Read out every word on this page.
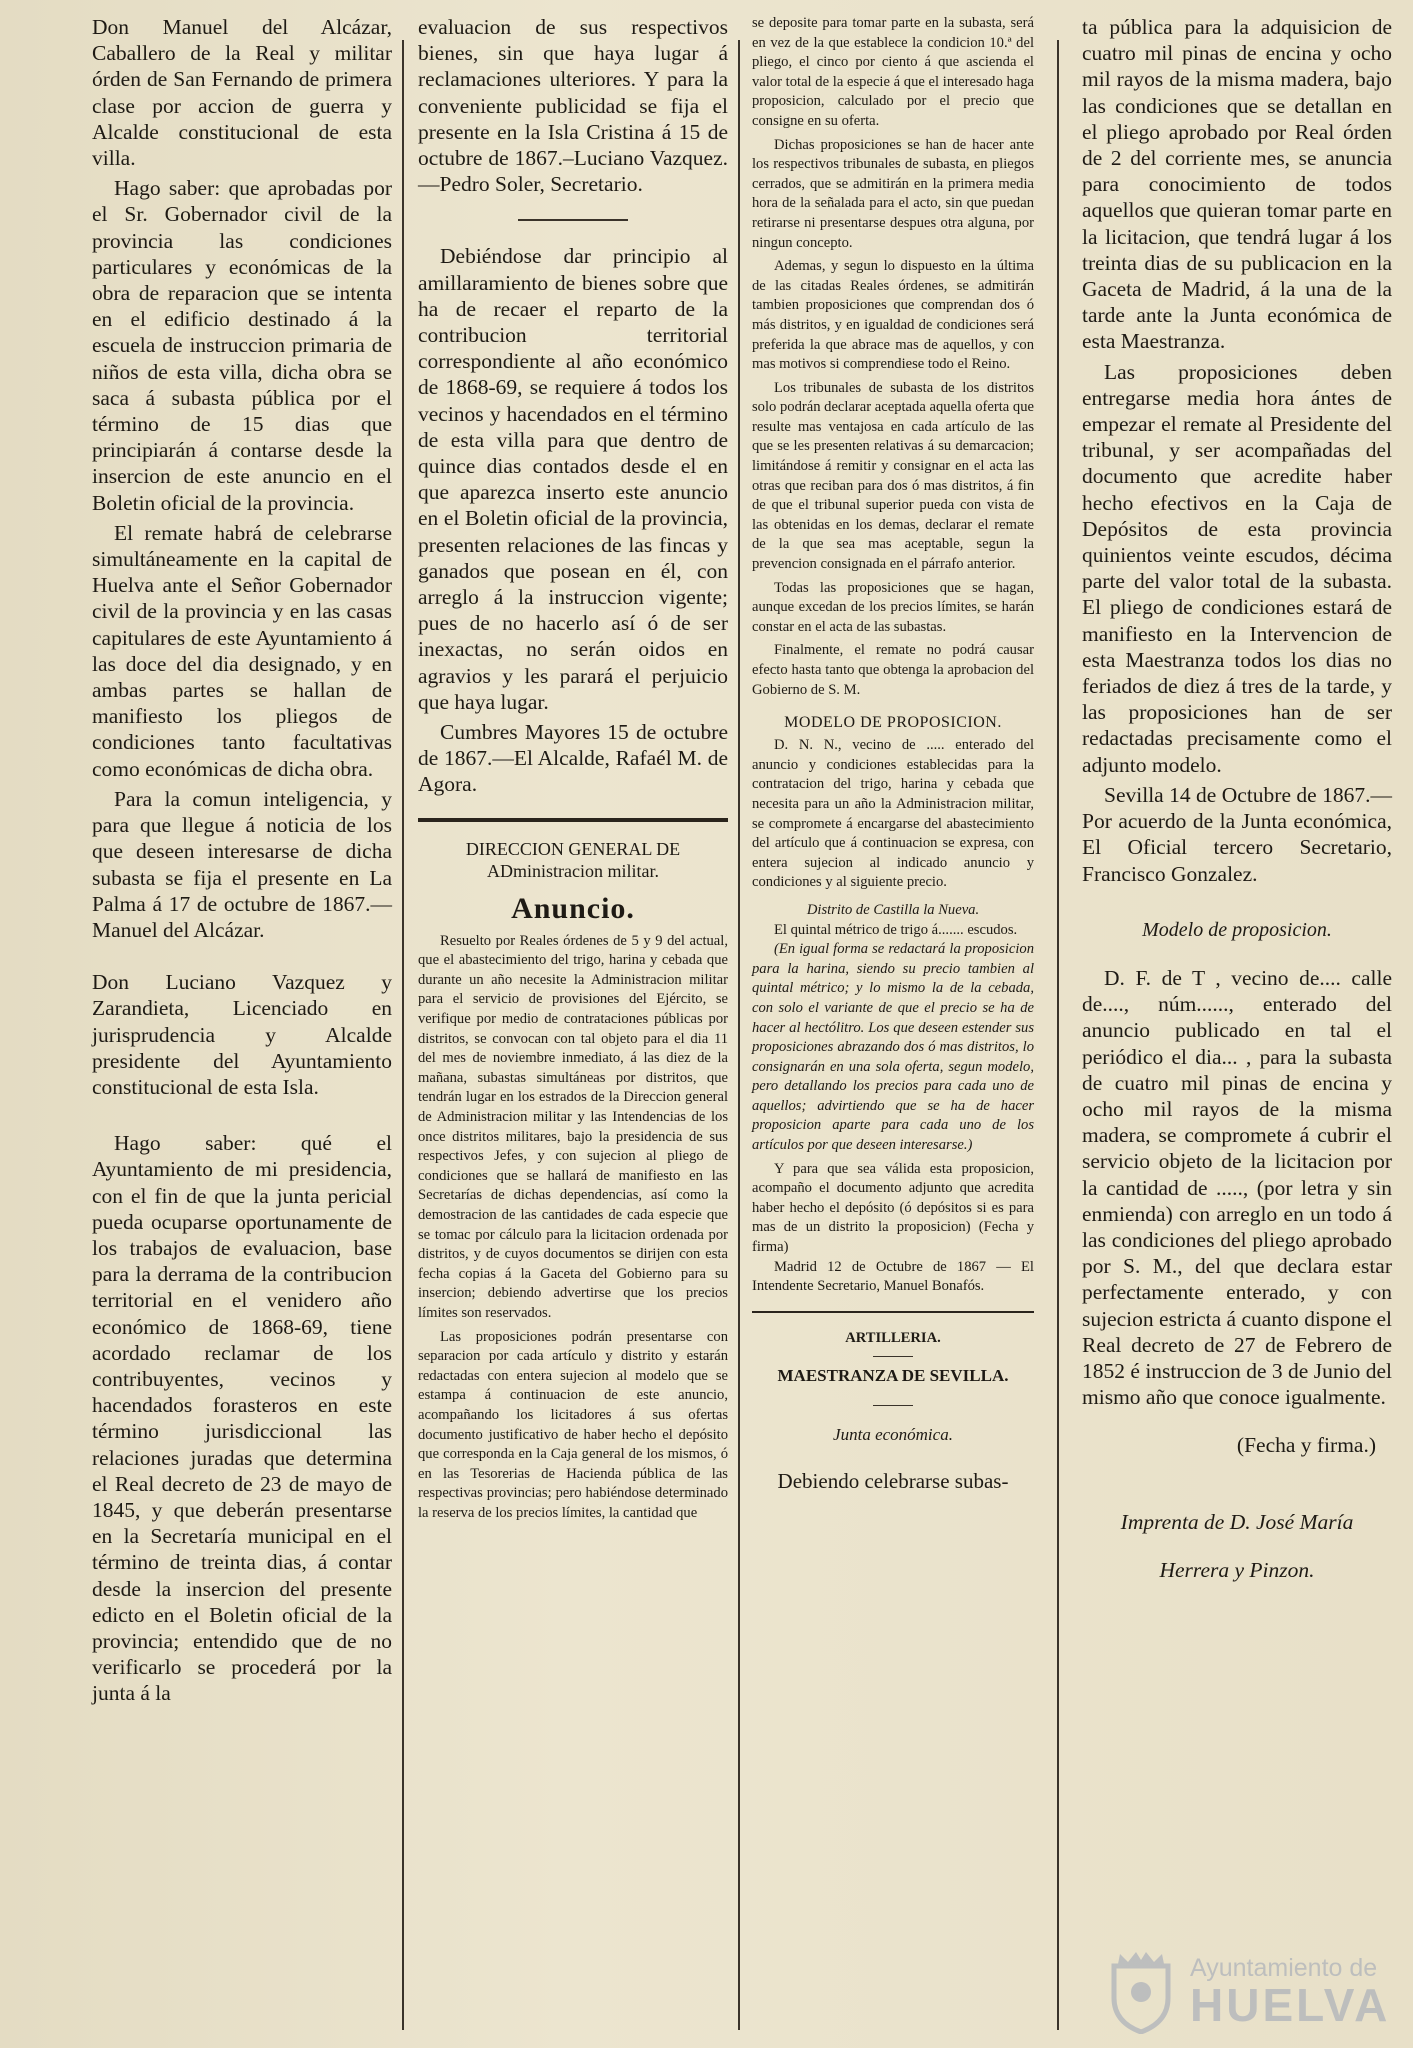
Don Manuel del Alcázar, Caballero de la Real y militar órden de San Fernando de primera clase por accion de guerra y Alcalde constitucional de esta villa.

Hago saber: que aprobadas por el Sr. Gobernador civil de la provincia las condiciones particulares y económicas de la obra de reparacion que se intenta en el edificio destinado á la escuela de instruccion primaria de niños de esta villa, dicha obra se saca á subasta pública por el término de 15 dias que principiarán á contarse desde la insercion de este anuncio en el Boletin oficial de la provincia.

El remate habrá de celebrarse simultáneamente en la capital de Huelva ante el Señor Gobernador civil de la provincia y en las casas capitulares de este Ayuntamiento á las doce del dia designado, y en ambas partes se hallan de manifiesto los pliegos de condiciones tanto facultativas como económicas de dicha obra.

Para la comun inteligencia, y para que llegue á noticia de los que deseen interesarse de dicha subasta se fija el presente en La Palma á 17 de octubre de 1867.—Manuel del Alcázar.

Don Luciano Vazquez y Zarandieta, Licenciado en jurisprudencia y Alcalde presidente del Ayuntamiento constitucional de esta Isla.

Hago saber: qué el Ayuntamiento de mi presidencia, con el fin de que la junta pericial pueda ocuparse oportunamente de los trabajos de evaluacion, base para la derrama de la contribucion territorial en el venidero año económico de 1868-69, tiene acordado reclamar de los contribuyentes, vecinos y hacendados forasteros en este término jurisdiccional las relaciones juradas que determina el Real decreto de 23 de mayo de 1845, y que deberán presentarse en la Secretaría municipal en el término de treinta dias, á contar desde la insercion del presente edicto en el Boletin oficial de la provincia; entendido que de no verificarlo se procederá por la junta á la

evaluacion de sus respectivos bienes, sin que haya lugar á reclamaciones ulteriores. Y para la conveniente publicidad se fija el presente en la Isla Cristina á 15 de octubre de 1867.–Luciano Vazquez. —Pedro Soler, Secretario.

Debiéndose dar principio al amillaramiento de bienes sobre que ha de recaer el reparto de la contribucion territorial correspondiente al año económico de 1868-69, se requiere á todos los vecinos y hacendados en el término de esta villa para que dentro de quince dias contados desde el en que aparezca inserto este anuncio en el Boletin oficial de la provincia, presenten relaciones de las fincas y ganados que posean en él, con arreglo á la instruccion vigente; pues de no hacerlo así ó de ser inexactas, no serán oidos en agravios y les parará el perjuicio que haya lugar.

Cumbres Mayores 15 de octubre de 1867.—El Alcalde, Rafaél M. de Agora.

DIRECCION GENERAL DE ADministracion militar.

Anuncio.

Resuelto por Reales órdenes de 5 y 9 del actual, que el abastecimiento del trigo, harina y cebada que durante un año necesite la Administracion militar para el servicio de provisiones del Ejército, se verifique por medio de contrataciones públicas por distritos, se convocan con tal objeto para el dia 11 del mes de noviembre inmediato, á las diez de la mañana, subastas simultáneas por distritos, que tendrán lugar en los estrados de la Direccion general de Administracion militar y las Intendencias de los once distritos militares, bajo la presidencia de sus respectivos Jefes, y con sujecion al pliego de condiciones que se hallará de manifiesto en las Secretarías de dichas dependencias, así como la demostracion de las cantidades de cada especie que se tomac por cálculo para la licitacion ordenada por distritos, y de cuyos documentos se dirijen con esta fecha copias á la Gaceta del Gobierno para su insercion; debiendo advertirse que los precios límites son reservados.

Las proposiciones podrán presentarse con separacion por cada artículo y distrito y estarán redactadas con entera sujecion al modelo que se estampa á continuacion de este anuncio, acompañando los licitadores á sus ofertas documento justificativo de haber hecho el depósito que corresponda en la Caja general de los mismos, ó en las Tesorerias de Hacienda pública de las respectivas provincias; pero habiéndose determinado la reserva de los precios límites, la cantidad que

se deposite para tomar parte en la subasta, será en vez de la que establece la condicion 10.ª del pliego, el cinco por ciento á que ascienda el valor total de la especie á que el interesado haga proposicion, calculado por el precio que consigne en su oferta.

Dichas proposiciones se han de hacer ante los respectivos tribunales de subasta, en pliegos cerrados, que se admitirán en la primera media hora de la señalada para el acto, sin que puedan retirarse ni presentarse despues otra alguna, por ningun concepto.

Ademas, y segun lo dispuesto en la última de las citadas Reales órdenes, se admitirán tambien proposiciones que comprendan dos ó más distritos, y en igualdad de condiciones será preferida la que abrace mas de aquellos, y con mas motivos si comprendiese todo el Reino.

Los tribunales de subasta de los distritos solo podrán declarar aceptada aquella oferta que resulte mas ventajosa en cada artículo de las que se les presenten relativas á su demarcacion; limitándose á remitir y consignar en el acta las otras que reciban para dos ó mas distritos, á fin de que el tribunal superior pueda con vista de las obtenidas en los demas, declarar el remate de la que sea mas aceptable, segun la prevencion consignada en el párrafo anterior.

Todas las proposiciones que se hagan, aunque excedan de los precios límites, se harán constar en el acta de las subastas.

Finalmente, el remate no podrá causar efecto hasta tanto que obtenga la aprobacion del Gobierno de S. M.

MODELO DE PROPOSICION.

D. N. N., vecino de ..... enterado del anuncio y condiciones establecidas para la contratacion del trigo, harina y cebada que necesita para un año la Administracion militar, se compromete á encargarse del abastecimiento del artículo que á continuacion se expresa, con entera sujecion al indicado anuncio y condiciones y al siguiente precio.

Distrito de Castilla la Nueva.

El quintal métrico de trigo á....... escudos.

(En igual forma se redactará la proposicion para la harina, siendo su precio tambien al quintal métrico; y lo mismo la de la cebada, con solo el variante de que el precio se ha de hacer al hectólitro. Los que deseen estender sus proposiciones abrazando dos ó mas distritos, lo consignarán en una sola oferta, segun modelo, pero detallando los precios para cada uno de aquellos; advirtiendo que se ha de hacer proposicion aparte para cada uno de los artículos por que deseen interesarse.)

Y para que sea válida esta proposicion, acompaño el documento adjunto que acredita haber hecho el depósito (ó depósitos si es para mas de un distrito la proposicion) (Fecha y firma)

Madrid 12 de Octubre de 1867 — El Intendente Secretario, Manuel Bonafós.

ARTILLERIA.

MAESTRANZA DE SEVILLA.

Junta económica.

Debiendo celebrarse subas-

ta pública para la adquisicion de cuatro mil pinas de encina y ocho mil rayos de la misma madera, bajo las condiciones que se detallan en el pliego aprobado por Real órden de 2 del corriente mes, se anuncia para conocimiento de todos aquellos que quieran tomar parte en la licitacion, que tendrá lugar á los treinta dias de su publicacion en la Gaceta de Madrid, á la una de la tarde ante la Junta económica de esta Maestranza.

Las proposiciones deben entregarse media hora ántes de empezar el remate al Presidente del tribunal, y ser acompañadas del documento que acredite haber hecho efectivos en la Caja de Depósitos de esta provincia quinientos veinte escudos, décima parte del valor total de la subasta. El pliego de condiciones estará de manifiesto en la Intervencion de esta Maestranza todos los dias no feriados de diez á tres de la tarde, y las proposiciones han de ser redactadas precisamente como el adjunto modelo.

Sevilla 14 de Octubre de 1867.—Por acuerdo de la Junta económica, El Oficial tercero Secretario, Francisco Gonzalez.

Modelo de proposicion.

D. F. de T , vecino de.... calle de...., núm......, enterado del anuncio publicado en tal el periódico el dia... , para la subasta de cuatro mil pinas de encina y ocho mil rayos de la misma madera, se compromete á cubrir el servicio objeto de la licitacion por la cantidad de ....., (por letra y sin enmienda) con arreglo en un todo á las condiciones del pliego aprobado por S. M., del que declara estar perfectamente enterado, y con sujecion estricta á cuanto dispone el Real decreto de 27 de Febrero de 1852 é instruccion de 3 de Junio del mismo año que conoce igualmente.

(Fecha y firma.)

Imprenta de D. José María

Herrera y Pinzon.

Ayuntamiento de
HUELVA
